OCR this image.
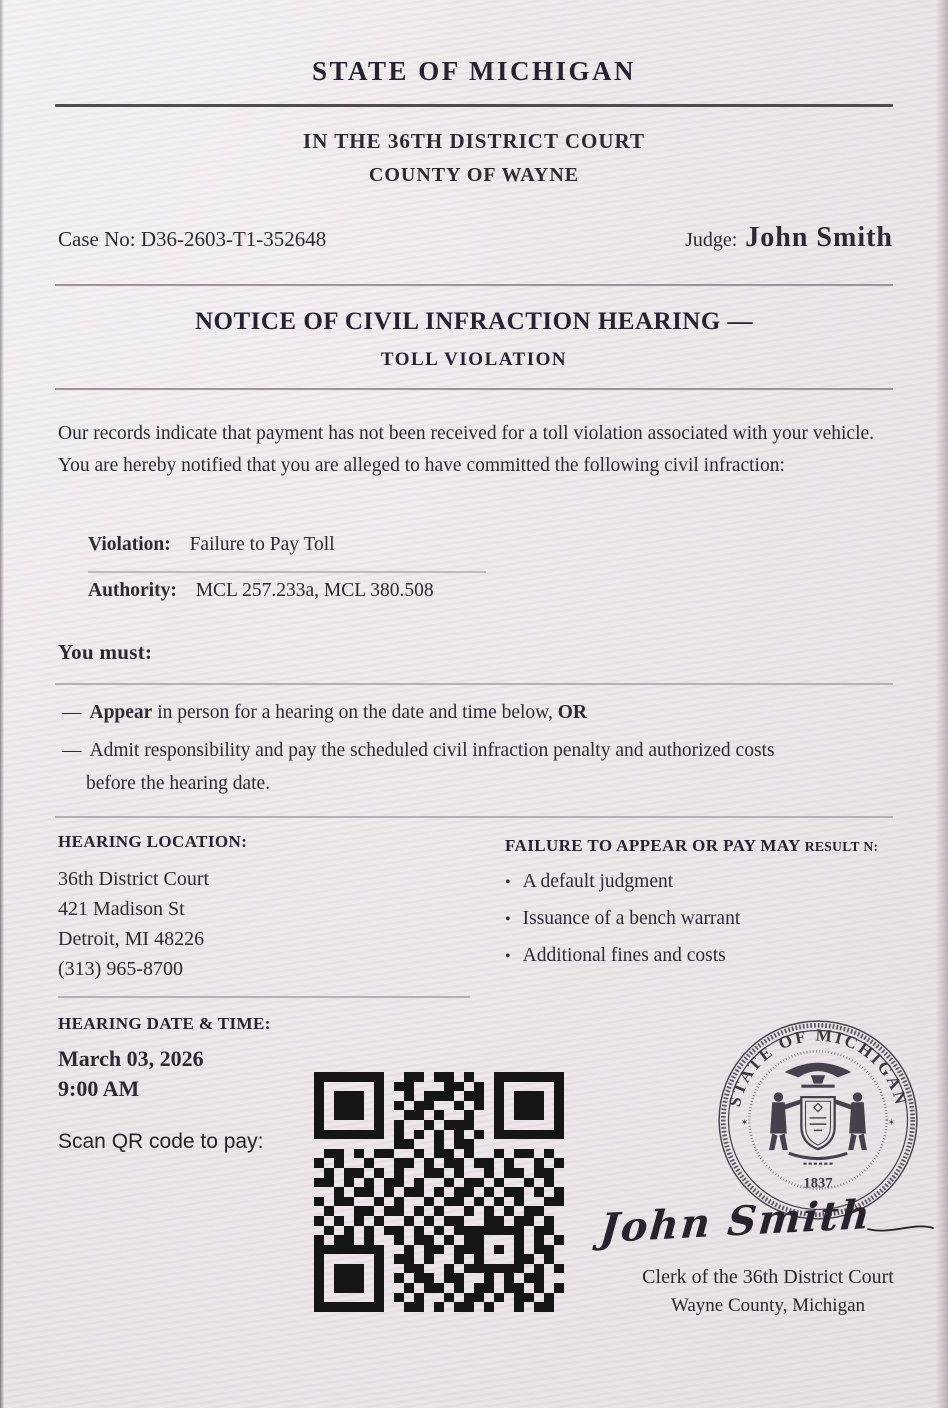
STATE OF MICHIGAN
IN THE 36TH DISTRICT COURT
COUNTY OF WAYNE
Case No: D36-2603-T1-352648	Judge: John Smith
NOTICE OF CIVIL INFRACTION HEARING —
TOLL VIOLATION
Our records indicate that payment has not been received for a toll violation associated with your vehicle. You are hereby notified that you are alleged to have committed the following civil infraction:
Violation: Failure to Pay Toll
Authority: MCL 257.233a, MCL 380.508
You must:
— Appear in person for a hearing on the date and time below, OR
— Admit responsibility and pay the scheduled civil infraction penalty and authorized costs before the hearing date.
HEARING LOCATION:
36th District Court
421 Madison St
Detroit, MI 48226
(313) 965-8700
FAILURE TO APPEAR OR PAY MAY RESULT N:
• A default judgment
• Issuance of a bench warrant
• Additional fines and costs
HEARING DATE & TIME:
March 03, 2026
9:00 AM
Scan QR code to pay:
STATE OF MICHIGAN
✶	✶
1837
John Smith
Clerk of the 36th District Court
Wayne County, Michigan
